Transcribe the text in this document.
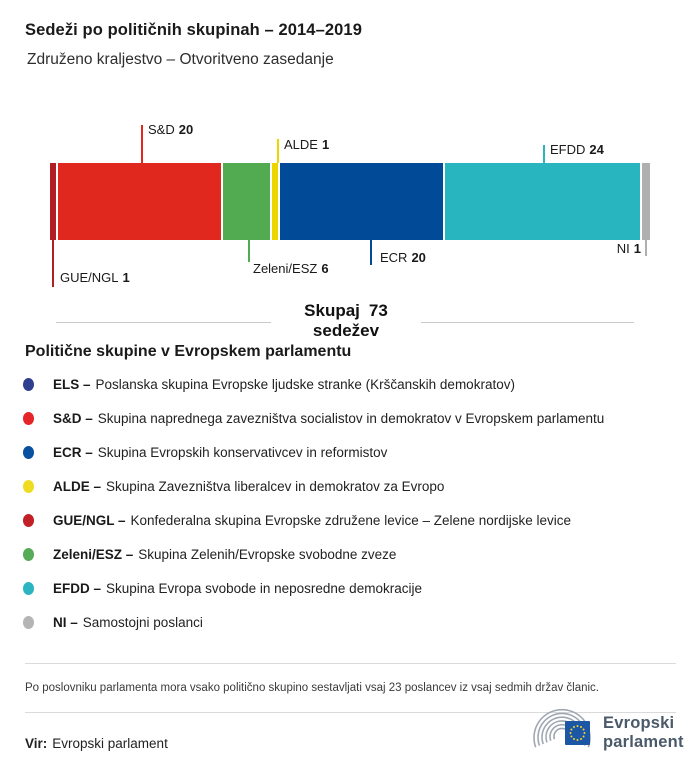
Sedeži po političnih skupinah – 2014–2019
Združeno kraljestvo – Otvoritveno zasedanje
GUE/NGL 1
S&D 20
Zeleni/ESZ 6
ALDE 1
ECR 20
EFDD 24
NI 1
Skupaj 73
sedežev
Politične skupine v Evropskem parlamentu
ELS – Poslanska skupina Evropske ljudske stranke (Krščanskih demokratov)
S&D – Skupina naprednega zavezništva socialistov in demokratov v Evropskem parlamentu
ECR – Skupina Evropskih konservativcev in reformistov
ALDE – Skupina Zavezništva liberalcev in demokratov za Evropo
GUE/NGL – Konfederalna skupina Evropske združene levice – Zelene nordijske levice
Zeleni/ESZ – Skupina Zelenih/Evropske svobodne zveze
EFDD – Skupina Evropa svobode in neposredne demokracije
NI – Samostojni poslanci
Po poslovniku parlamenta mora vsako politično skupino sestavljati vsaj 23 poslancev iz vsaj sedmih držav članic.
Vir: Evropski parlament
Evropski
parlament
